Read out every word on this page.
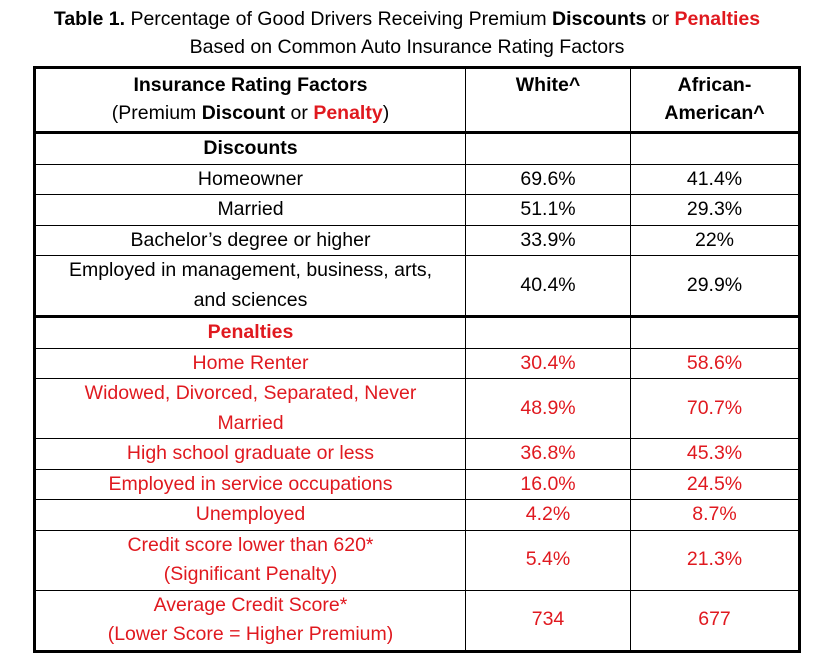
Table 1. Percentage of Good Drivers Receiving Premium Discounts or Penalties
Based on Common Auto Insurance Rating Factors
Insurance Rating Factors
(Premium Discount or Penalty)	White^	African-
American^

Discounts		
Homeowner	69.6%	41.4%
Married	51.1%	29.3%
Bachelor’s degree or higher	33.9%	22%

Employed in management, business, arts,
and sciences	40.4%	29.9%
Penalties		
Home Renter	30.4%	58.6%

Widowed, Divorced, Separated, Never
Married	48.9%	70.7%
High school graduate or less	36.8%	45.3%
Employed in service occupations	16.0%	24.5%
Unemployed	4.2%	8.7%

Credit score lower than 620*
(Significant Penalty)	5.4%	21.3%

Average Credit Score*
(Lower Score = Higher Premium)	734	677
